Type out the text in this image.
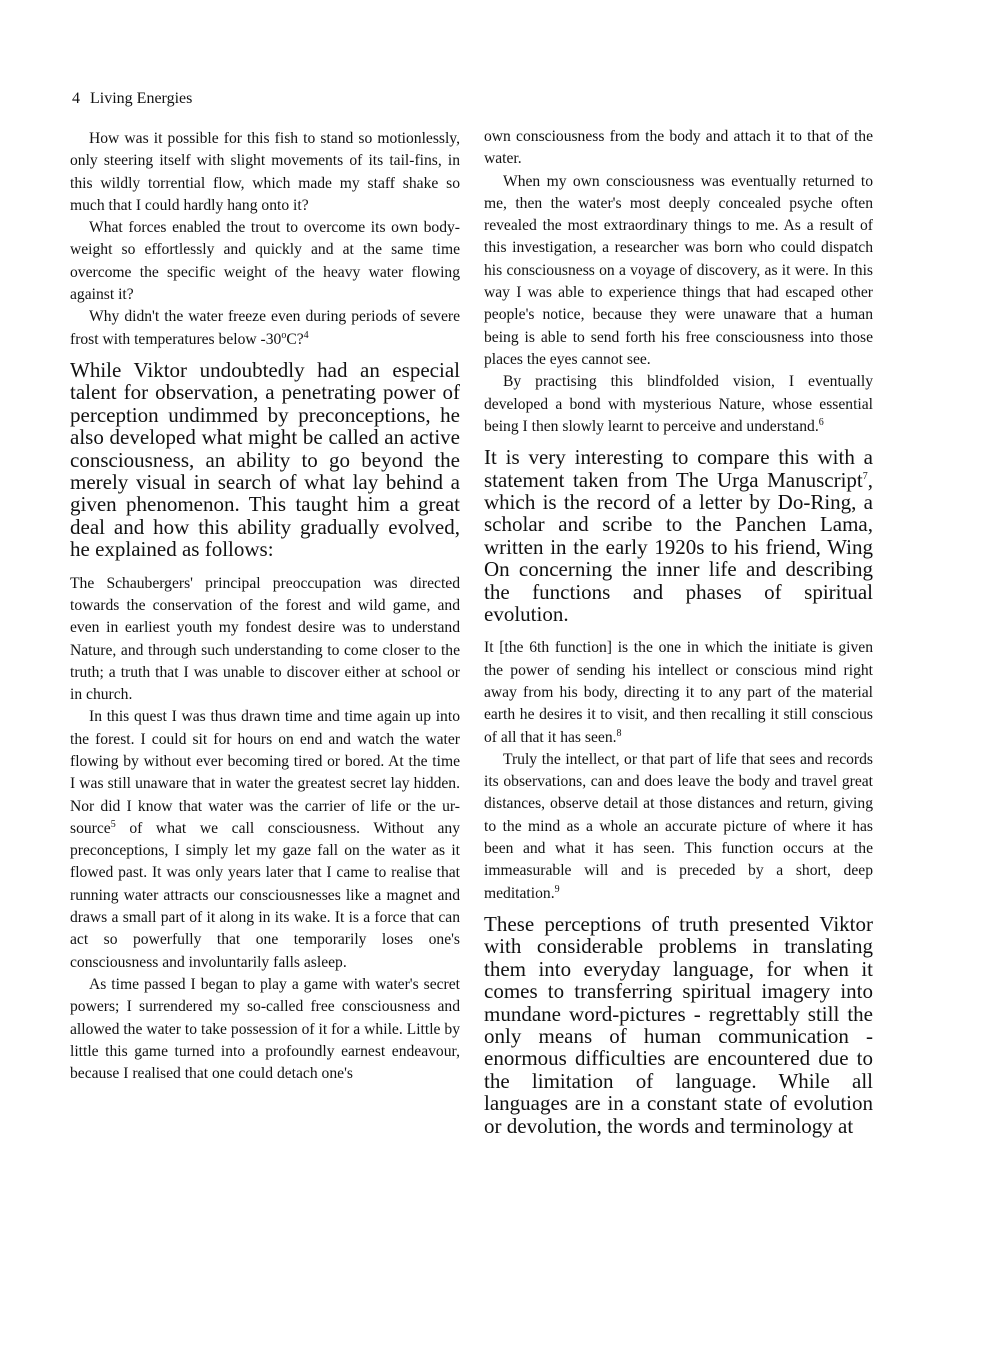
4 Living Energies

How was it possible for this fish to stand so motionlessly, only steering itself with slight movements of its tail-fins, in this wildly torrential flow, which made my staff shake so much that I could hardly hang onto it?

What forces enabled the trout to overcome its own body-weight so effortlessly and quickly and at the same time overcome the specific weight of the heavy water flowing against it?

Why didn't the water freeze even during periods of severe frost with temperatures below -30$^o$C?$^4$

While Viktor undoubtedly had an especial talent for observation, a penetrating power of perception undimmed by preconceptions, he also developed what might be called an active consciousness, an ability to go beyond the merely visual in search of what lay behind a given phenomenon. This taught him a great deal and how this ability gradually evolved, he explained as follows:

The Schaubergers' principal preoccupation was directed towards the conservation of the forest and wild game, and even in earliest youth my fondest desire was to understand Nature, and through such understanding to come closer to the truth; a truth that I was unable to discover either at school or in church.

In this quest I was thus drawn time and time again up into the forest. I could sit for hours on end and watch the water flowing by without ever becoming tired or bored. At the time I was still unaware that in water the greatest secret lay hidden. Nor did I know that water was the carrier of life or the ur-source$^5$ of what we call consciousness. Without any preconceptions, I simply let my gaze fall on the water as it flowed past. It was only years later that I came to realise that running water attracts our consciousnesses like a magnet and draws a small part of it along in its wake. It is a force that can act so powerfully that one temporarily loses one's consciousness and involuntarily falls asleep.

As time passed I began to play a game with water's secret powers; I surrendered my so-called free consciousness and allowed the water to take possession of it for a while. Little by little this game turned into a profoundly earnest endeavour, because I realised that one could detach one's

own consciousness from the body and attach it to that of the water.

When my own consciousness was eventually returned to me, then the water's most deeply concealed psyche often revealed the most extraordinary things to me. As a result of this investigation, a researcher was born who could dispatch his consciousness on a voyage of discovery, as it were. In this way I was able to experience things that had escaped other people's notice, because they were unaware that a human being is able to send forth his free consciousness into those places the eyes cannot see.

By practising this blindfolded vision, I eventually developed a bond with mysterious Nature, whose essential being I then slowly learnt to perceive and understand.$^6$

It is very interesting to compare this with a statement taken from The Urga Manuscript$^7$, which is the record of a letter by Do-Ring, a scholar and scribe to the Panchen Lama, written in the early 1920s to his friend, Wing On concerning the inner life and describing the functions and phases of spiritual evolution.

It [the 6th function] is the one in which the initiate is given the power of sending his intellect or conscious mind right away from his body, directing it to any part of the material earth he desires it to visit, and then recalling it still conscious of all that it has seen.$^8$

Truly the intellect, or that part of life that sees and records its observations, can and does leave the body and travel great distances, observe detail at those distances and return, giving to the mind as a whole an accurate picture of where it has been and what it has seen. This function occurs at the immeasurable will and is preceded by a short, deep meditation.$^9$

These perceptions of truth presented Viktor with considerable problems in translating them into everyday language, for when it comes to transferring spiritual imagery into mundane word-pictures - regrettably still the only means of human communication - enormous difficulties are encountered due to the limitation of language. While all languages are in a constant state of evolution or devolution, the words and terminology at
